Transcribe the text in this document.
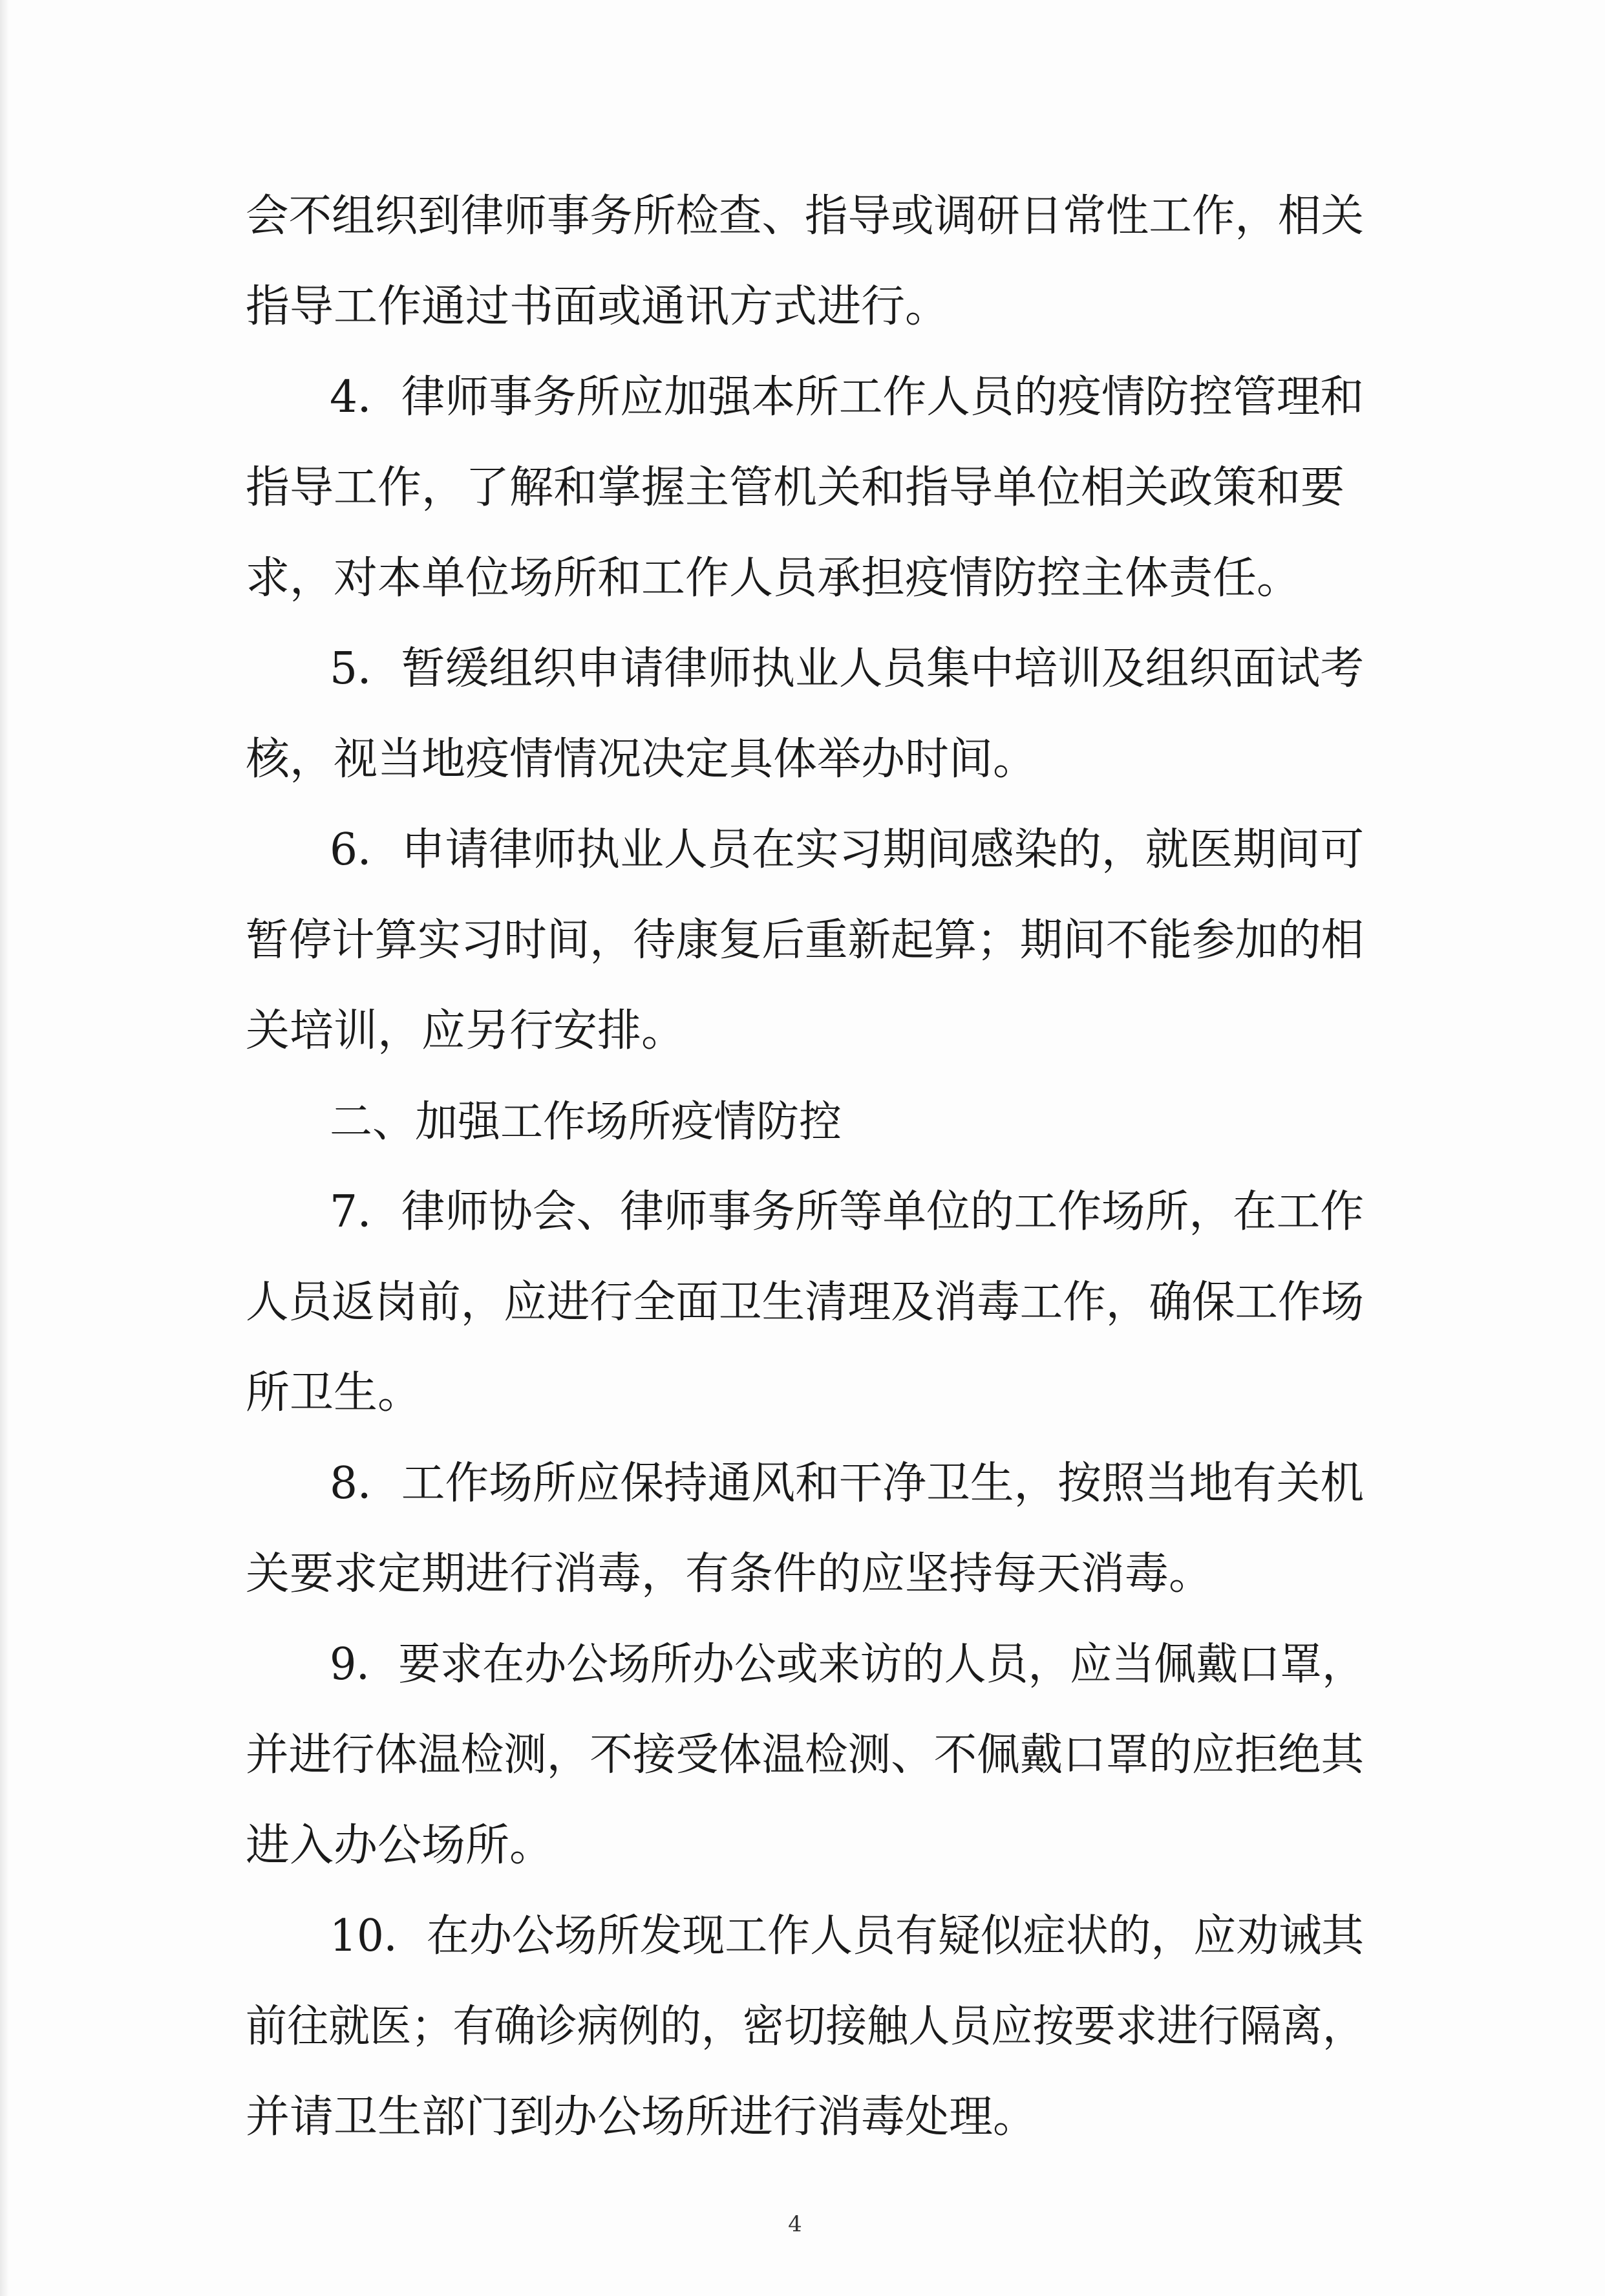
会不组织到律师事务所检查、指导或调研日常性工作，相关
指导工作通过书面或通讯方式进行。
4．律师事务所应加强本所工作人员的疫情防控管理和
指导工作，了解和掌握主管机关和指导单位相关政策和要
求，对本单位场所和工作人员承担疫情防控主体责任。
5．暂缓组织申请律师执业人员集中培训及组织面试考
核，视当地疫情情况决定具体举办时间。
6．申请律师执业人员在实习期间感染的，就医期间可
暂停计算实习时间，待康复后重新起算；期间不能参加的相
关培训，应另行安排。
二、加强工作场所疫情防控
7．律师协会、律师事务所等单位的工作场所，在工作
人员返岗前，应进行全面卫生清理及消毒工作，确保工作场
所卫生。
8．工作场所应保持通风和干净卫生，按照当地有关机
关要求定期进行消毒，有条件的应坚持每天消毒。
9．要求在办公场所办公或来访的人员，应当佩戴口罩，
并进行体温检测，不接受体温检测、不佩戴口罩的应拒绝其
进入办公场所。
10．在办公场所发现工作人员有疑似症状的，应劝诫其
前往就医；有确诊病例的，密切接触人员应按要求进行隔离，
并请卫生部门到办公场所进行消毒处理。
4
